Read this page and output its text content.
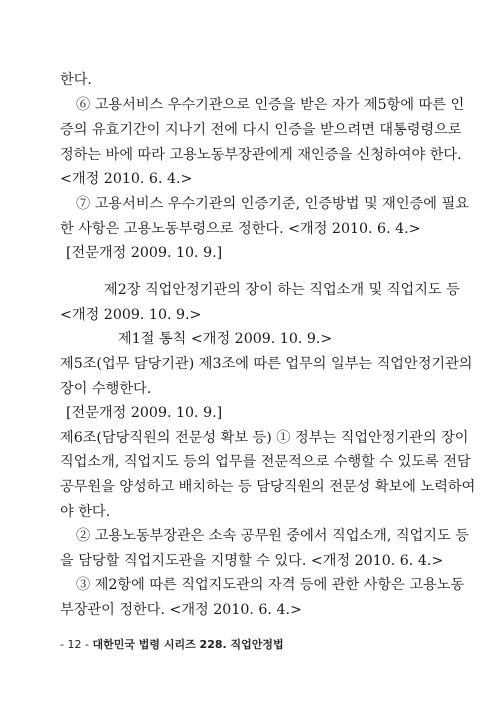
한다.
⑥ 고용서비스 우수기관으로 인증을 받은 자가 제5항에 따른 인
증의 유효기간이 지나기 전에 다시 인증을 받으려면 대통령령으로
정하는 바에 따라 고용노동부장관에게 재인증을 신청하여야 한다.
<개정 2010. 6. 4.>
⑦ 고용서비스 우수기관의 인증기준, 인증방법 및 재인증에 필요
한 사항은 고용노동부령으로 정한다. <개정 2010. 6. 4.>
[전문개정 2009. 10. 9.]
제2장 직업안정기관의 장이 하는 직업소개 및 직업지도 등
<개정 2009. 10. 9.>
제1절 통칙 <개정 2009. 10. 9.>
제5조(업무 담당기관) 제3조에 따른 업무의 일부는 직업안정기관의
장이 수행한다.
[전문개정 2009. 10. 9.]
제6조(담당직원의 전문성 확보 등) ① 정부는 직업안정기관의 장이
직업소개, 직업지도 등의 업무를 전문적으로 수행할 수 있도록 전담
공무원을 양성하고 배치하는 등 담당직원의 전문성 확보에 노력하여
야 한다.
② 고용노동부장관은 소속 공무원 중에서 직업소개, 직업지도 등
을 담당할 직업지도관을 지명할 수 있다. <개정 2010. 6. 4.>
③ 제2항에 따른 직업지도관의 자격 등에 관한 사항은 고용노동
부장관이 정한다. <개정 2010. 6. 4.>
- 12 - 대한민국 법령 시리즈 228. 직업안정법
